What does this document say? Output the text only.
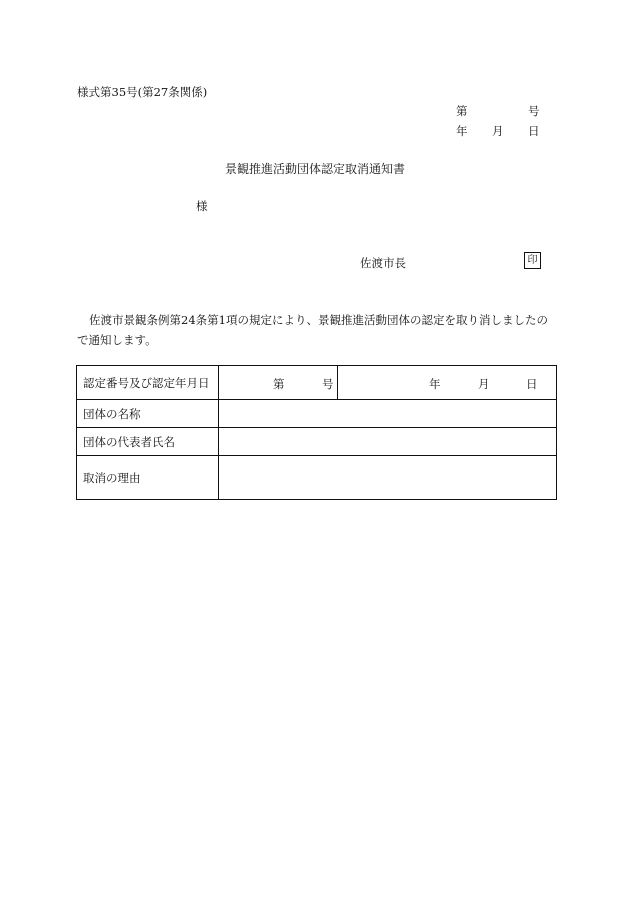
様式第35号(第27条関係)
第	号
年 月 日
景観推進活動団体認定取消通知書
様
佐渡市長	印
佐渡市景観条例第24条第1項の規定により、景観推進活動団体の認定を取り消しましたので通知します。
認定番号及び認定年月日	第 号	年 月 日

団体の名称		
団体の代表者氏名		
取消の理由		
